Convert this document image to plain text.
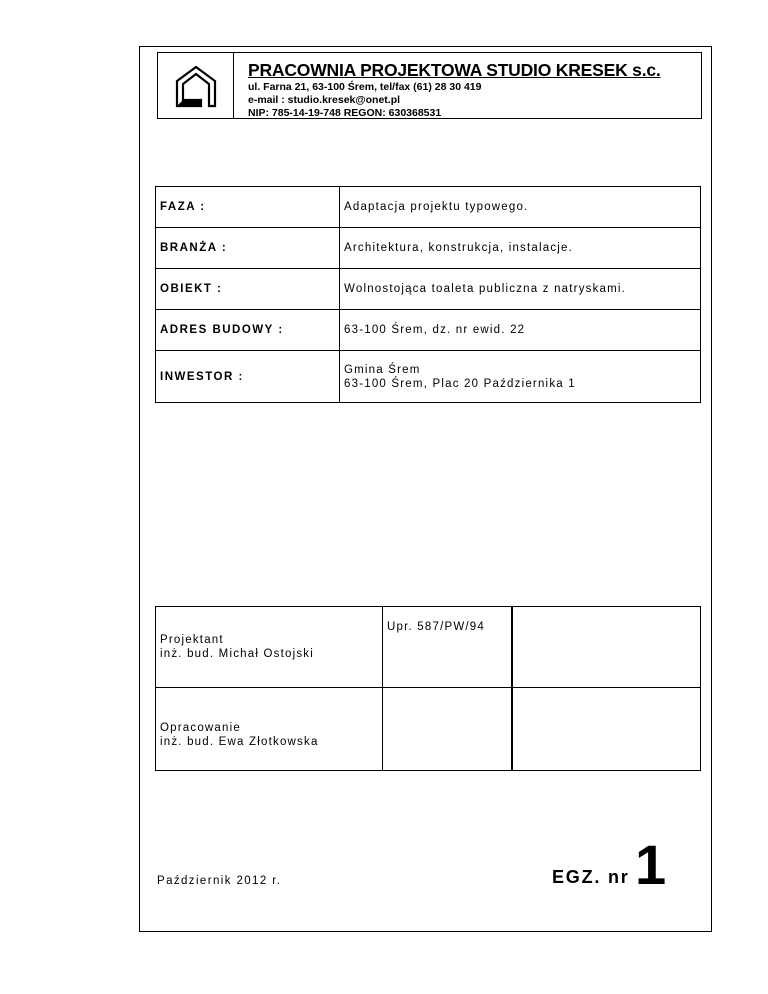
PRACOWNIA PROJEKTOWA STUDIO KRESEK s.c.
ul. Farna 21, 63-100 Śrem, tel/fax (61) 28 30 419
e-mail : studio.kresek@onet.pl
NIP: 785-14-19-748 REGON: 630368531
FAZA :	Adaptacja projektu typowego.
BRANŻA :	Architektura, konstrukcja, instalacje.
OBIEKT :	Wolnostojąca toaleta publiczna z natryskami.
ADRES BUDOWY :	63-100 Śrem, dz. nr ewid. 22
INWESTOR :	Gmina Śrem
63-100 Śrem, Plac 20 Października 1
Projektant
inż. bud. Michał Ostojski	Upr. 587/PW/94	

Opracowanie
inż. bud. Ewa Złotkowska		

Październik 2012 r.	EGZ. nr 1
